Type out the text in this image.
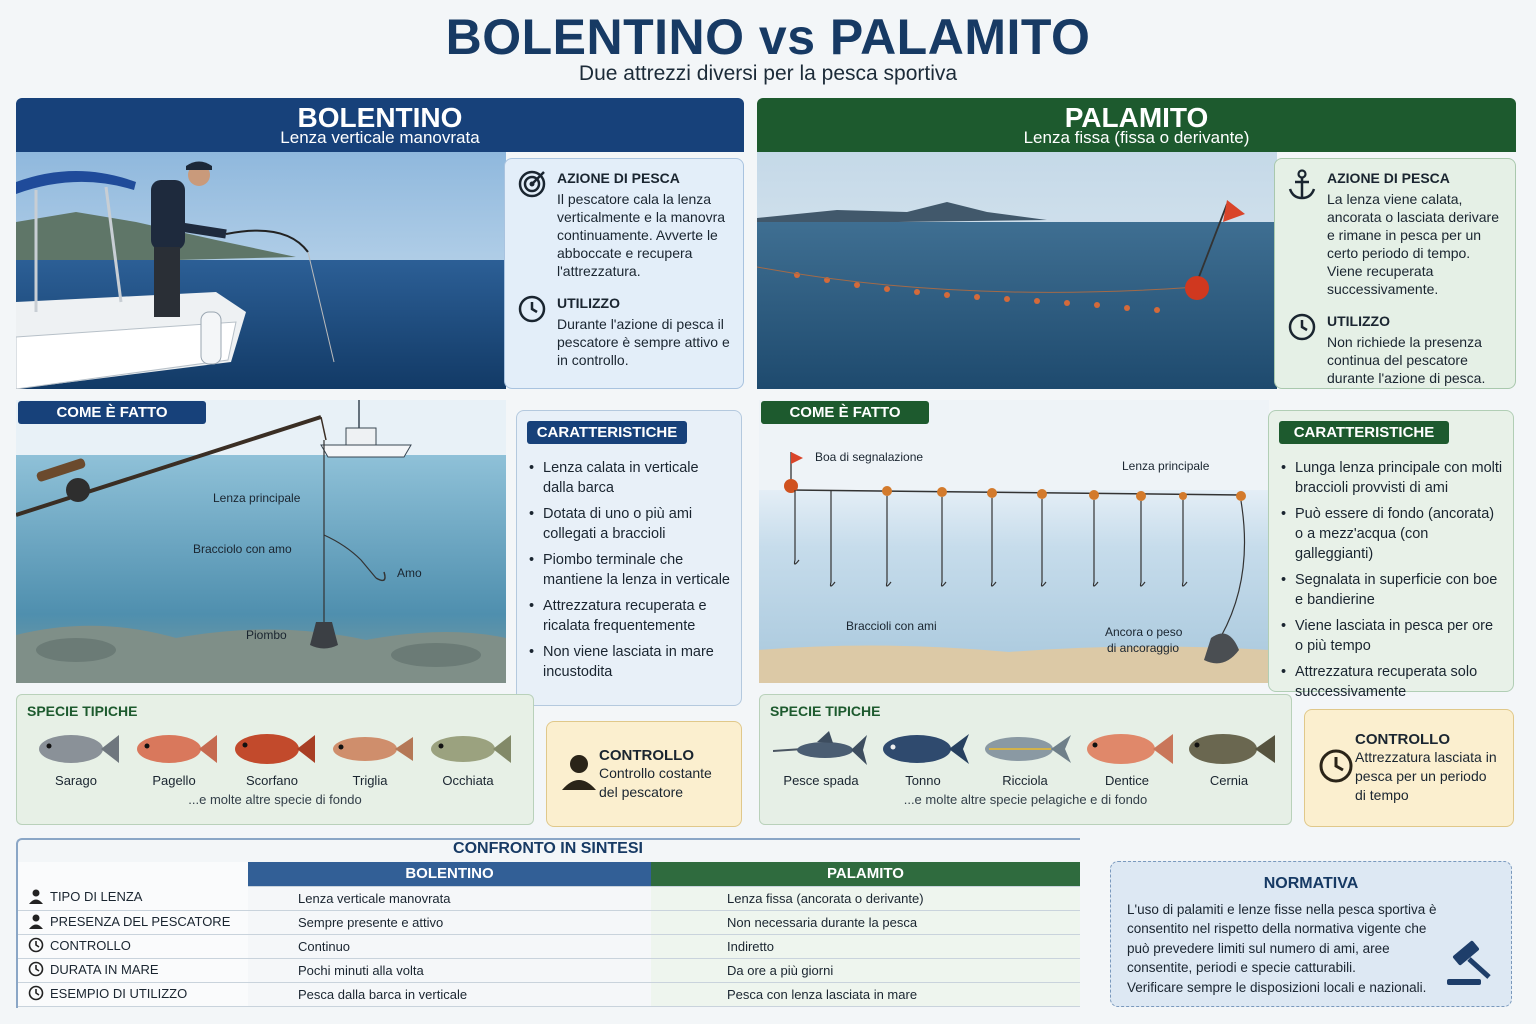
BOLENTINO vs PALAMITO
Due attrezzi diversi per la pesca sportiva
BOLENTINO
Lenza verticale manovrata
AZIONE DI PESCA
Il pescatore cala la lenza verticalmente e la manovra continuamente. Avverte le abboccate e recupera l'attrezzatura.
UTILIZZO
Durante l'azione di pesca il pescatore è sempre attivo e in controllo.
Lenza principale
Bracciolo con amo
Amo
Piombo
COME È FATTO
CARATTERISTICHE
• Lenza calata in verticale dalla barca
• Dotata di uno o più ami collegati a braccioli
• Piombo terminale che mantiene la lenza in verticale
• Attrezzatura recuperata e ricalata frequentemente
• Non viene lasciata in mare incustodita
SPECIE TIPICHE
Sarago	Pagello	Scorfano	Triglia	Occhiata
...e molte altre specie di fondo
CONTROLLO
Controllo costante del pescatore
PALAMITO
Lenza fissa (fissa o derivante)
AZIONE DI PESCA
La lenza viene calata, ancorata o lasciata derivare e rimane in pesca per un certo periodo di tempo. Viene recuperata successivamente.
UTILIZZO
Non richiede la presenza continua del pescatore durante l'azione di pesca.
Boa di segnalazione
Lenza principale
Braccioli con ami	Ancora o peso
di ancoraggio
COME È FATTO
CARATTERISTICHE
• Lunga lenza principale con molti braccioli provvisti di ami
• Può essere di fondo (ancorata) o a mezz'acqua (con galleggianti)
• Segnalata in superficie con boe e bandierine
• Viene lasciata in pesca per ore o più tempo
• Attrezzatura recuperata solo successivamente
SPECIE TIPICHE
Pesce spada	Tonno	Ricciola	Dentice	Cernia
...e molte altre specie pelagiche e di fondo
CONTROLLO
Attrezzatura lasciata in pesca per un periodo di tempo
CONFRONTO IN SINTESI
	BOLENTINO	PALAMITO
TIPO DI LENZA	Lenza verticale manovrata	Lenza fissa (ancorata o derivante)
PRESENZA DEL PESCATORE	Sempre presente e attivo	Non necessaria durante la pesca
CONTROLLO	Continuo	Indiretto
DURATA IN MARE	Pochi minuti alla volta	Da ore a più giorni
ESEMPIO DI UTILIZZO	Pesca dalla barca in verticale	Pesca con lenza lasciata in mare
NORMATIVA
L'uso di palamiti e lenze fisse nella pesca sportiva è consentito nel rispetto della normativa vigente che può prevedere limiti sul numero di ami, aree consentite, periodi e specie catturabili.
Verificare sempre le disposizioni locali e nazionali.
